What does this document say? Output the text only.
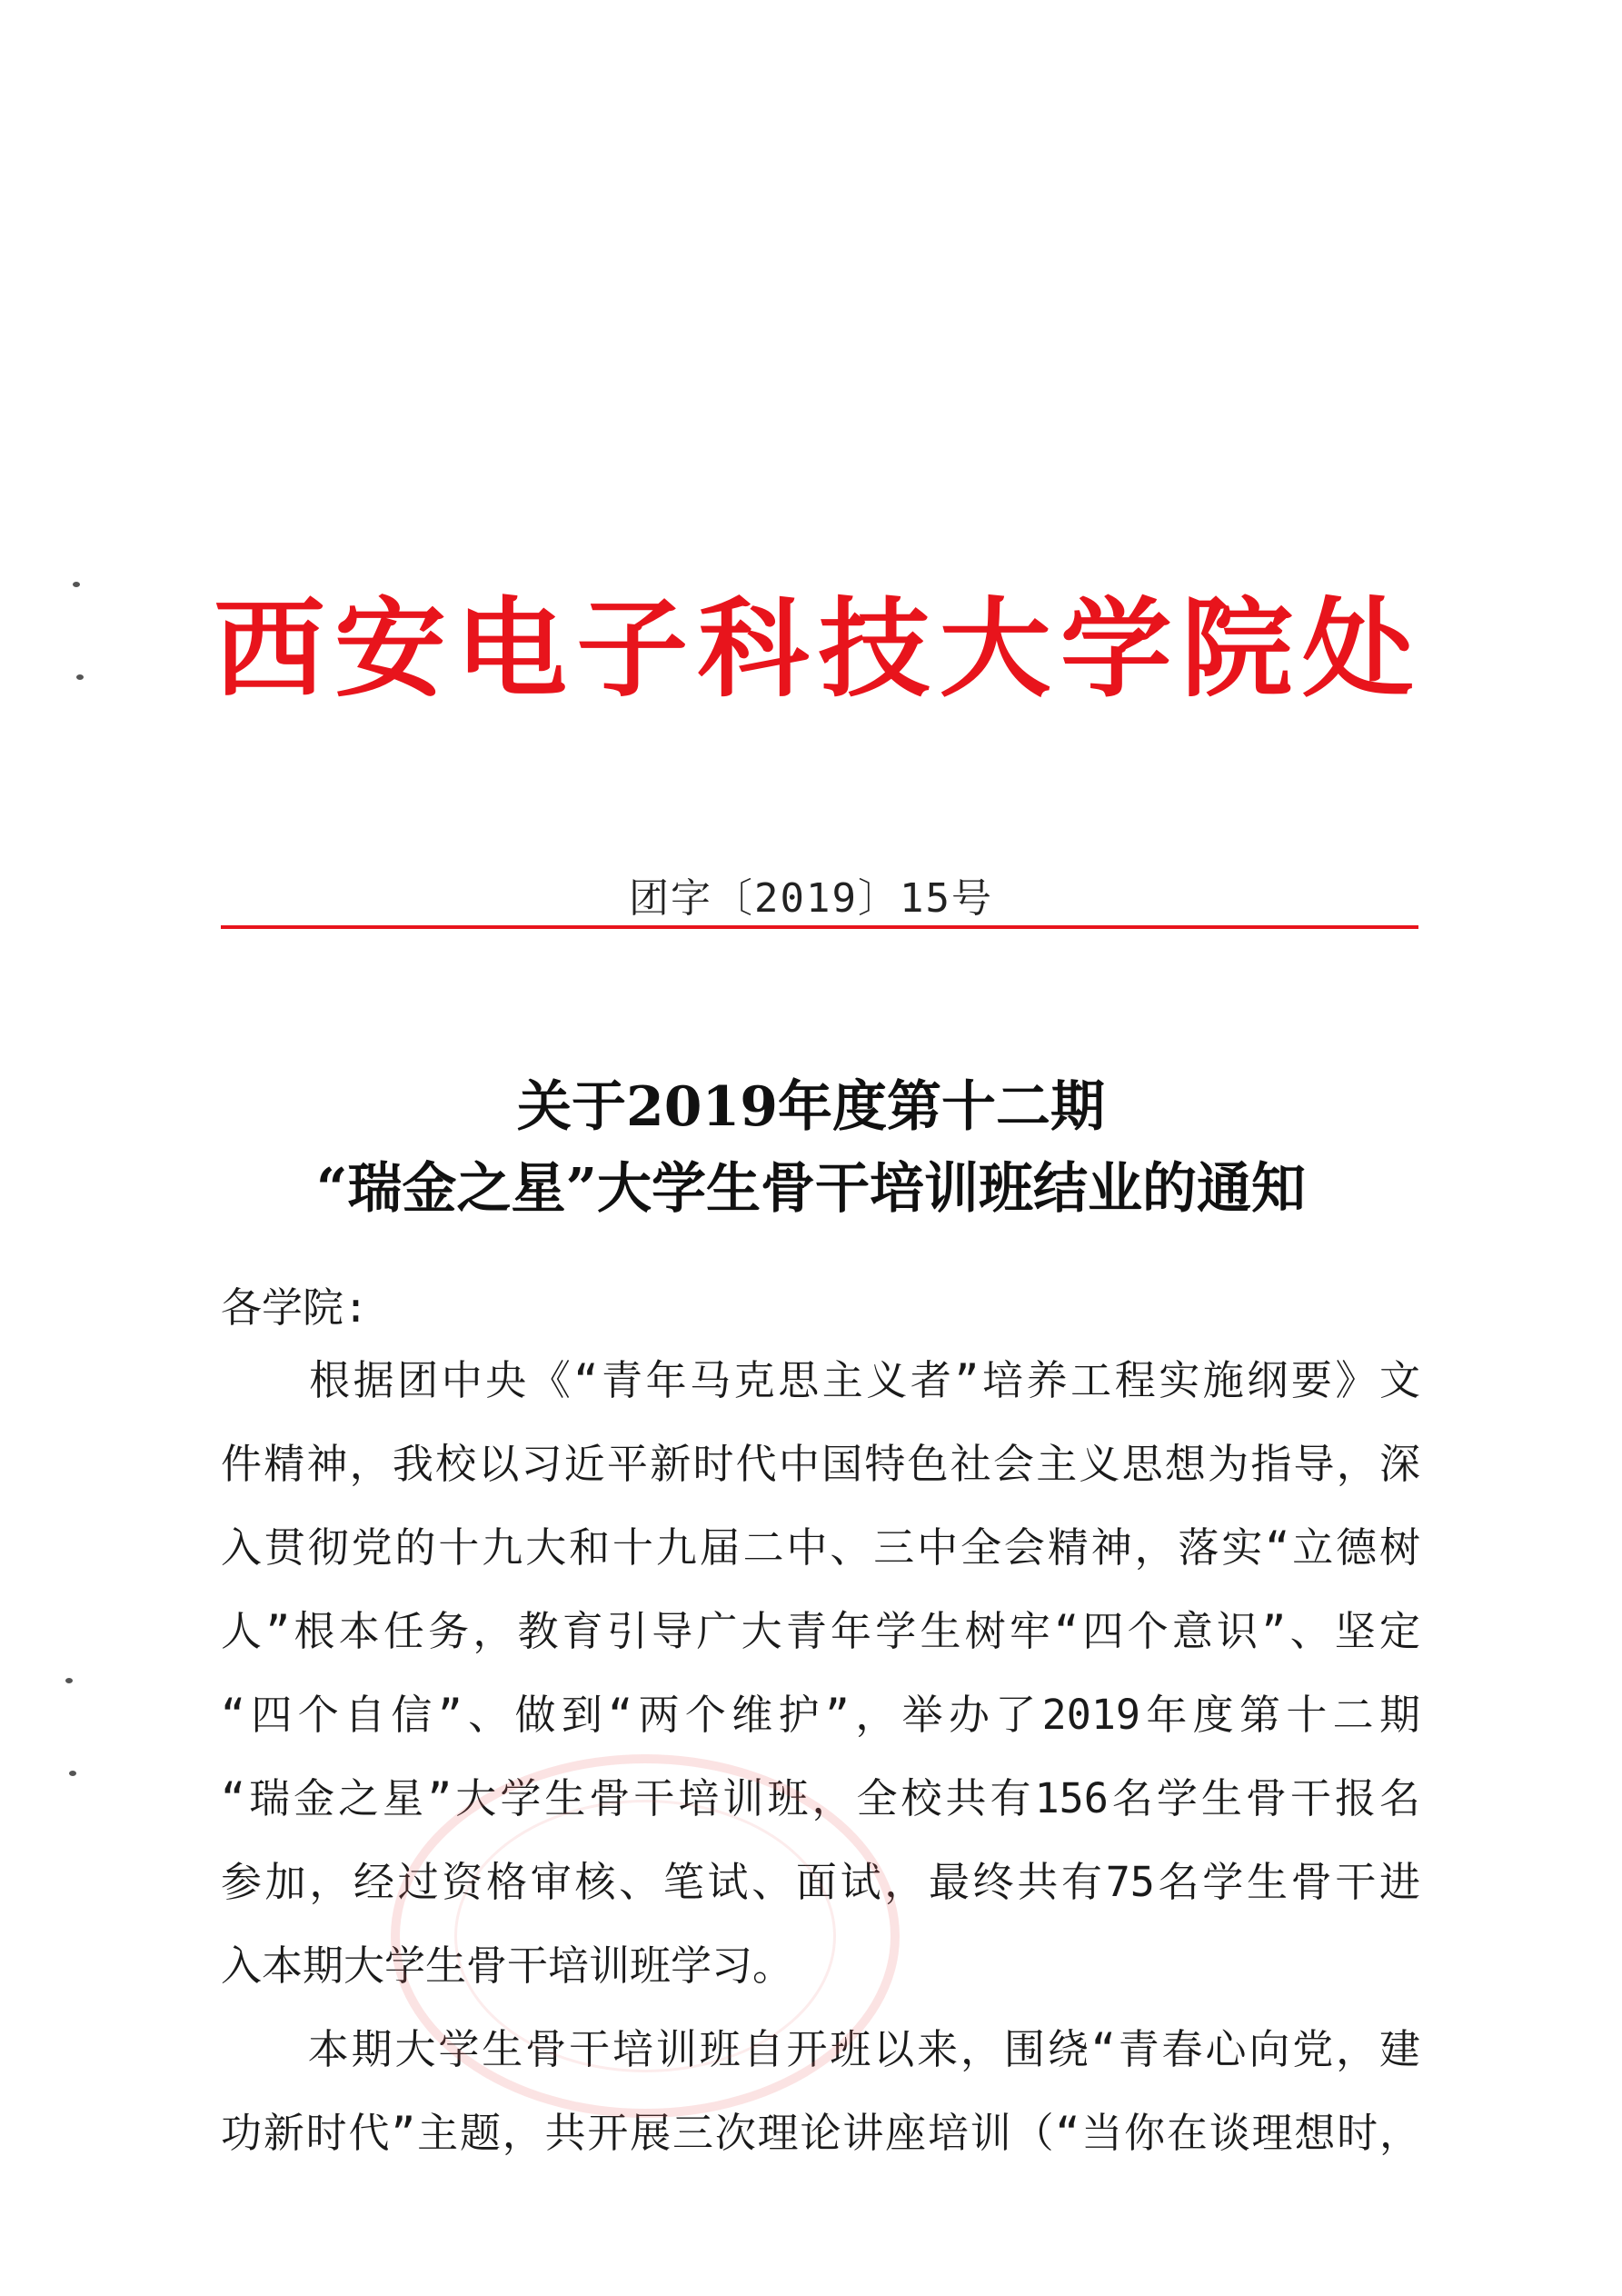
西安电子科技大学院处
团字〔2019〕15号
关于2019年度第十二期
“瑞金之星”大学生骨干培训班结业的通知
各学院:
　　根据团中央《“青年马克思主义者”培养工程实施纲要》文
件精神，我校以习近平新时代中国特色社会主义思想为指导，深
入贯彻党的十九大和十九届二中、三中全会精神，落实“立德树
人”根本任务，教育引导广大青年学生树牢“四个意识”、坚定
“四个自信”、做到“两个维护”，举办了2019年度第十二期
“瑞金之星”大学生骨干培训班，全校共有156名学生骨干报名
参加，经过资格审核、笔试、面试，最终共有75名学生骨干进
入本期大学生骨干培训班学习。
　　本期大学生骨干培训班自开班以来，围绕“青春心向党，建
功新时代”主题，共开展三次理论讲座培训（“当你在谈理想时，
